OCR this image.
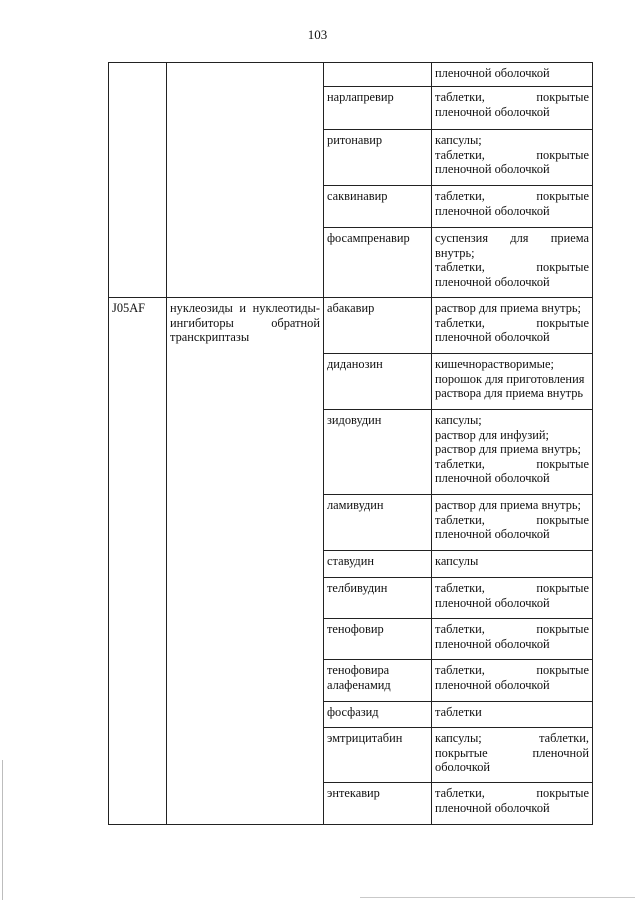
103

			пленочной оболочкой

		нарлапревир	таблетки, покрытые
пленочной оболочкой

		ритонавир	капсулы;
таблетки, покрытые
пленочной оболочкой

		саквинавир	таблетки, покрытые
пленочной оболочкой

		фосампренавир	суспензия для приема
внутрь;
таблетки, покрытые
пленочной оболочкой

J05AF	нуклеозиды и нуклеотиды-ингибиторы обратной транскриптазы	абакавир	раствор для приема внутрь;
таблетки, покрытые
пленочной оболочкой

		диданозин	кишечнорастворимые;
порошок для приготовления
раствора для приема внутрь

		зидовудин	капсулы;
раствор для инфузий;
раствор для приема внутрь;
таблетки, покрытые
пленочной оболочкой

		ламивудин	раствор для приема внутрь;
таблетки, покрытые
пленочной оболочкой

		ставудин	капсулы

		телбивудин	таблетки, покрытые
пленочной оболочкой

		тенофовир	таблетки, покрытые
пленочной оболочкой

		тенофовира алафенамид	таблетки, покрытые
пленочной оболочкой

		фосфазид	таблетки

		эмтрицитабин	капсулы; таблетки,
покрытые пленочной
оболочкой

		энтекавир	таблетки, покрытые
пленочной оболочкой
